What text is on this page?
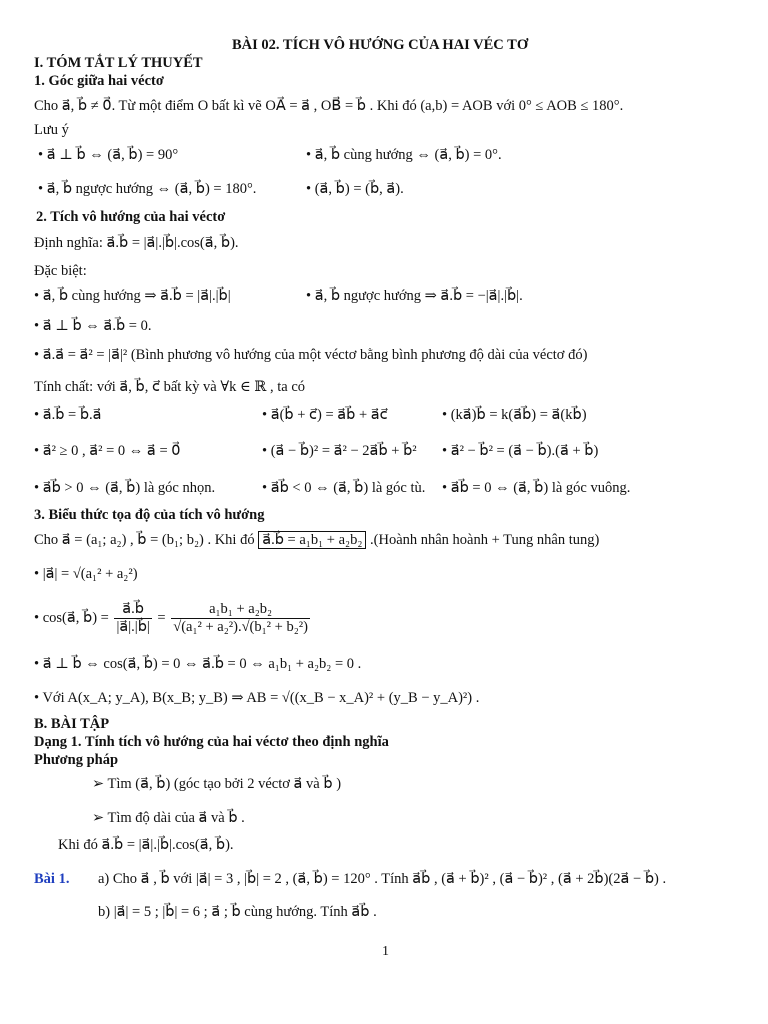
BÀI 02. TÍCH VÔ HƯỚNG CỦA HAI VÉC TƠ
I. TÓM TẮT LÝ THUYẾT
1. Góc giữa hai véctơ
Cho a⃗, b⃗ ≠ 0⃗. Từ một điểm O bất kì vẽ OA⃗ = a⃗ , OB⃗ = b⃗ . Khi đó (a,b) = AOB với 0° ≤ AOB ≤ 180°.
Lưu ý
• a⃗ ⊥ b⃗ ⇔ (a⃗, b⃗) = 90°	• a⃗, b⃗ cùng hướng ⇔ (a⃗, b⃗) = 0°.
• a⃗, b⃗ ngược hướng ⇔ (a⃗, b⃗) = 180°.	• (a⃗, b⃗) = (b⃗, a⃗).
2. Tích vô hướng của hai véctơ
Định nghĩa: a⃗.b⃗ = |a⃗|.|b⃗|.cos(a⃗, b⃗).
Đặc biệt:
• a⃗, b⃗ cùng hướng ⇒ a⃗.b⃗ = |a⃗|.|b⃗|	• a⃗, b⃗ ngược hướng ⇒ a⃗.b⃗ = −|a⃗|.|b⃗|.
• a⃗ ⊥ b⃗ ⇔ a⃗.b⃗ = 0.
• a⃗.a⃗ = a⃗² = |a⃗|² (Bình phương vô hướng của một véctơ bằng bình phương độ dài của véctơ đó)
Tính chất: với a⃗, b⃗, c⃗ bất kỳ và ∀k ∈ ℝ , ta có
• a⃗.b⃗ = b⃗.a⃗	• a⃗(b⃗ + c⃗) = a⃗b⃗ + a⃗c⃗	• (ka⃗)b⃗ = k(a⃗b⃗) = a⃗(kb⃗)
• a⃗² ≥ 0 , a⃗² = 0 ⇔ a⃗ = 0⃗	• (a⃗ − b⃗)² = a⃗² − 2a⃗b⃗ + b⃗² • a⃗² − b⃗² = (a⃗ − b⃗).(a⃗ + b⃗)
• a⃗b⃗ > 0 ⇔ (a⃗, b⃗) là góc nhọn.	• a⃗b⃗ < 0 ⇔ (a⃗, b⃗) là góc tù. • a⃗b⃗ = 0 ⇔ (a⃗, b⃗) là góc vuông.
3. Biểu thức tọa độ của tích vô hướng
Cho a⃗ = (a₁; a₂) , b⃗ = (b₁; b₂) . Khi đó a⃗.b⃗ = a₁b₁ + a₂b₂ .(Hoành nhân hoành + Tung nhân tung)
• |a⃗| = √(a₁² + a₂²)
• cos(a⃗, b⃗) = $\frac{a⃗.b⃗}{|a⃗|.|b⃗|} = \frac{\text{a₁b₁ + a₂b₂}}{\text{√(a₁² + a₂²).√(b₁² + b₂²)}}$
• a⃗ ⊥ b⃗ ⇔ cos(a⃗, b⃗) = 0 ⇔ a⃗.b⃗ = 0 ⇔ a₁b₁ + a₂b₂ = 0 .
• Với A(x_A; y_A), B(x_B; y_B) ⇒ AB = √((x_B − x_A)² + (y_B − y_A)²) .
B. BÀI TẬP
Dạng 1. Tính tích vô hướng của hai véctơ theo định nghĩa
Phương pháp
➢ Tìm (a⃗, b⃗) (góc tạo bởi 2 véctơ a⃗ và b⃗ )
➢ Tìm độ dài của a⃗ và b⃗ .
Khi đó a⃗.b⃗ = |a⃗|.|b⃗|.cos(a⃗, b⃗).
Bài 1. a) Cho a⃗ , b⃗ với |a⃗| = 3 , |b⃗| = 2 , (a⃗, b⃗) = 120° . Tính a⃗b⃗ , (a⃗ + b⃗)² , (a⃗ − b⃗)² , (a⃗ + 2b⃗)(2a⃗ − b⃗) .
b) |a⃗| = 5 ; |b⃗| = 6 ; a⃗ ; b⃗ cùng hướng. Tính a⃗b⃗ .
1
